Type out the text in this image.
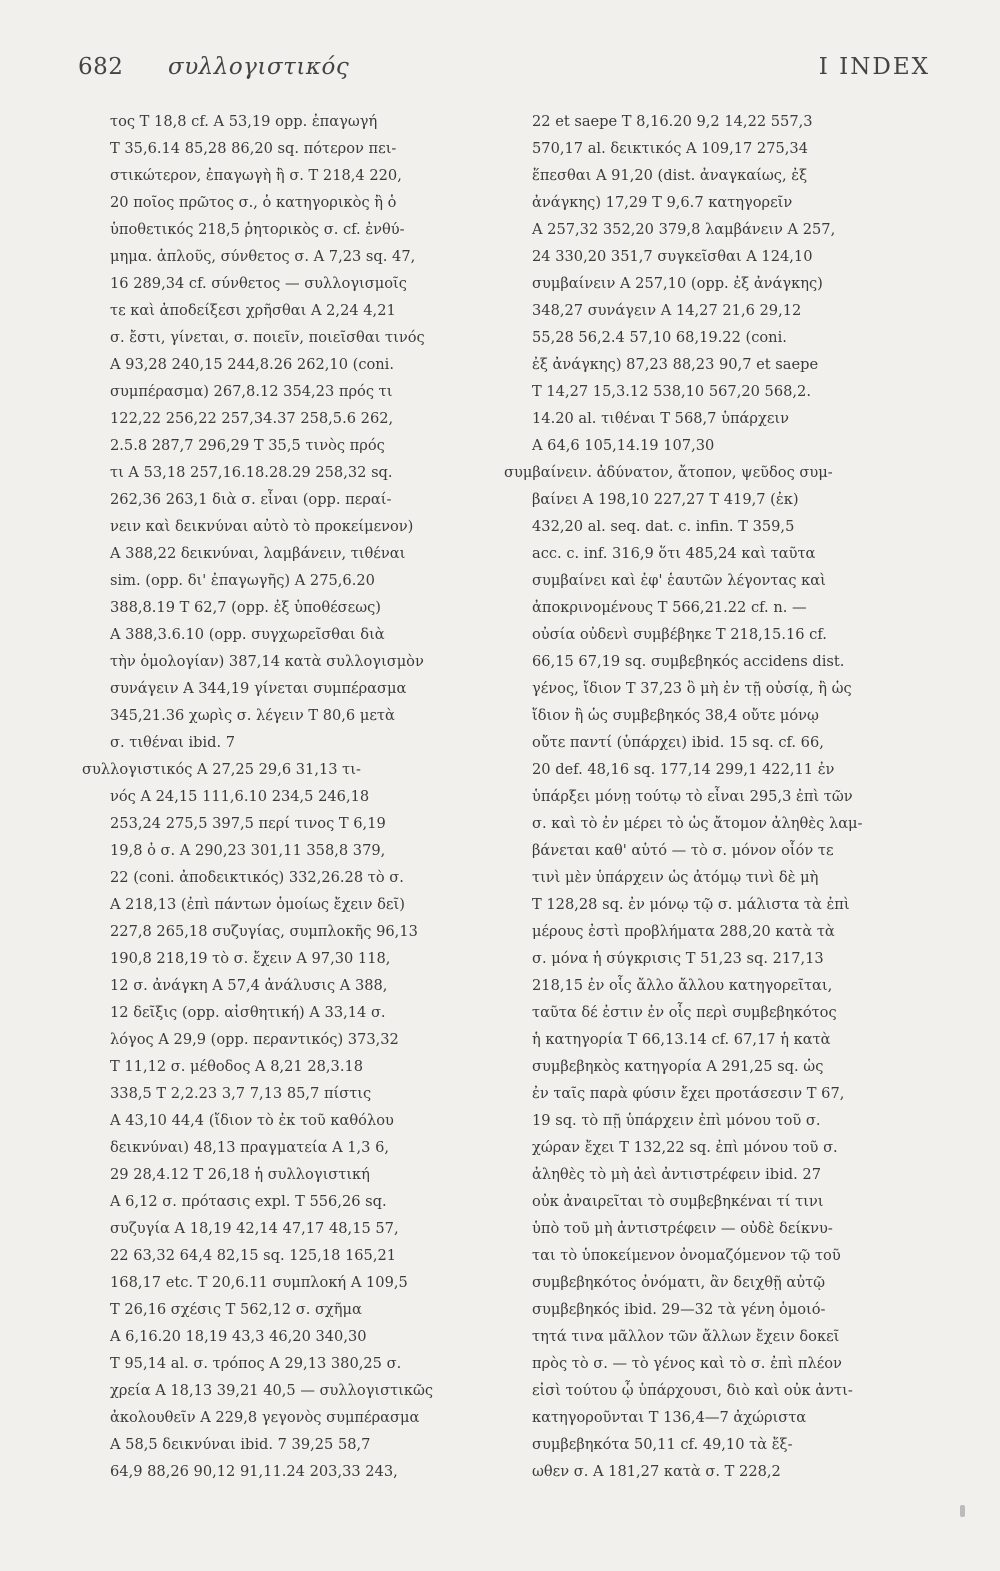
682 συλλογιστικός	I INDEX
τος Τ 18,8 cf. Α 53,19 opp. ἐπαγωγή
Τ 35,6.14 85,28 86,20 sq. πότερον πει-
στικώτερον, ἐπαγωγὴ ἢ σ. Τ 218,4 220,
20 ποῖος πρῶτος σ., ὁ κατηγορικὸς ἢ ὁ
ὑποθετικός 218,5 ῥητορικὸς σ. cf. ἐνθύ-
μημα. ἁπλοῦς, σύνθετος σ. Α 7,23 sq. 47,
16 289,34 cf. σύνθετος — συλλογισμοῖς
τε καὶ ἀποδείξεσι χρῆσθαι Α 2,24 4,21
σ. ἔστι, γίνεται, σ. ποιεῖν, ποιεῖσθαι τινός
Α 93,28 240,15 244,8.26 262,10 (coni.
συμπέρασμα) 267,8.12 354,23 πρός τι
122,22 256,22 257,34.37 258,5.6 262,
2.5.8 287,7 296,29 Τ 35,5 τινὸς πρός
τι Α 53,18 257,16.18.28.29 258,32 sq.
262,36 263,1 διὰ σ. εἶναι (opp. περαί-
νειν καὶ δεικνύναι αὐτὸ τὸ προκείμενον)
Α 388,22 δεικνύναι, λαμβάνειν, τιθέναι
sim. (opp. δι' ἐπαγωγῆς) Α 275,6.20
388,8.19 Τ 62,7 (opp. ἐξ ὑποθέσεως)
Α 388,3.6.10 (opp. συγχωρεῖσθαι διὰ
τὴν ὁμολογίαν) 387,14 κατὰ συλλογισμὸν
συνάγειν Α 344,19 γίνεται συμπέρασμα
345,21.36 χωρὶς σ. λέγειν Τ 80,6 μετὰ
σ. τιθέναι ibid. 7
συλλογιστικός Α 27,25 29,6 31,13 τι-
νός Α 24,15 111,6.10 234,5 246,18
253,24 275,5 397,5 περί τινος Τ 6,19
19,8 ὁ σ. Α 290,23 301,11 358,8 379,
22 (coni. ἀποδεικτικός) 332,26.28 τὸ σ.
Α 218,13 (ἐπὶ πάντων ὁμοίως ἔχειν δεῖ)
227,8 265,18 συζυγίας, συμπλοκῆς 96,13
190,8 218,19 τὸ σ. ἔχειν Α 97,30 118,
12 σ. ἀνάγκη Α 57,4 ἀνάλυσις Α 388,
12 δεῖξις (opp. αἰσθητική) Α 33,14 σ.
λόγος Α 29,9 (opp. περαντικός) 373,32
Τ 11,12 σ. μέθοδος Α 8,21 28,3.18
338,5 Τ 2,2.23 3,7 7,13 85,7 πίστις
Α 43,10 44,4 (ἴδιον τὸ ἐκ τοῦ καθόλου
δεικνύναι) 48,13 πραγματεία Α 1,3 6,
29 28,4.12 Τ 26,18 ἡ συλλογιστική
Α 6,12 σ. πρότασις expl. Τ 556,26 sq.
συζυγία Α 18,19 42,14 47,17 48,15 57,
22 63,32 64,4 82,15 sq. 125,18 165,21
168,17 etc. Τ 20,6.11 συμπλοκή Α 109,5
Τ 26,16 σχέσις Τ 562,12 σ. σχῆμα
Α 6,16.20 18,19 43,3 46,20 340,30
Τ 95,14 al. σ. τρόπος Α 29,13 380,25 σ.
χρεία Α 18,13 39,21 40,5 — συλλογιστικῶς
ἀκολουθεῖν Α 229,8 γεγονὸς συμπέρασμα
Α 58,5 δεικνύναι ibid. 7 39,25 58,7
64,9 88,26 90,12 91,11.24 203,33 243,
22 et saepe Τ 8,16.20 9,2 14,22 557,3
570,17 al. δεικτικός Α 109,17 275,34
ἕπεσθαι Α 91,20 (dist. ἀναγκαίως, ἐξ
ἀνάγκης) 17,29 Τ 9,6.7 κατηγορεῖν
Α 257,32 352,20 379,8 λαμβάνειν Α 257,
24 330,20 351,7 συγκεῖσθαι Α 124,10
συμβαίνειν Α 257,10 (opp. ἐξ ἀνάγκης)
348,27 συνάγειν Α 14,27 21,6 29,12
55,28 56,2.4 57,10 68,19.22 (coni.
ἐξ ἀνάγκης) 87,23 88,23 90,7 et saepe
Τ 14,27 15,3.12 538,10 567,20 568,2.
14.20 al. τιθέναι Τ 568,7 ὑπάρχειν
Α 64,6 105,14.19 107,30
συμβαίνειν. ἀδύνατον, ἄτοπον, ψεῦδος συμ-
βαίνει Α 198,10 227,27 Τ 419,7 (ἐκ)
432,20 al. seq. dat. c. infin. Τ 359,5
acc. c. inf. 316,9 ὅτι 485,24 καὶ ταῦτα
συμβαίνει καὶ ἐφ' ἑαυτῶν λέγοντας καὶ
ἀποκρινομένους Τ 566,21.22 cf. n. —
οὐσία οὐδενὶ συμβέβηκε Τ 218,15.16 cf.
66,15 67,19 sq. συμβεβηκός accidens dist.
γένος, ἴδιον Τ 37,23 ὃ μὴ ἐν τῇ οὐσίᾳ, ἢ ὡς
ἴδιον ἢ ὡς συμβεβηκός 38,4 οὔτε μόνῳ
οὔτε παντί (ὑπάρχει) ibid. 15 sq. cf. 66,
20 def. 48,16 sq. 177,14 299,1 422,11 ἐν
ὑπάρξει μόνῃ τούτῳ τὸ εἶναι 295,3 ἐπὶ τῶν
σ. καὶ τὸ ἐν μέρει τὸ ὡς ἄτομον ἀληθὲς λαμ-
βάνεται καθ' αὑτό — τὸ σ. μόνον οἷόν τε
τινὶ μὲν ὑπάρχειν ὡς ἀτόμῳ τινὶ δὲ μὴ
Τ 128,28 sq. ἐν μόνῳ τῷ σ. μάλιστα τὰ ἐπὶ
μέρους ἐστὶ προβλήματα 288,20 κατὰ τὰ
σ. μόνα ἡ σύγκρισις Τ 51,23 sq. 217,13
218,15 ἐν οἷς ἄλλο ἄλλου κατηγορεῖται,
ταῦτα δέ ἐστιν ἐν οἷς περὶ συμβεβηκότος
ἡ κατηγορία Τ 66,13.14 cf. 67,17 ἡ κατὰ
συμβεβηκὸς κατηγορία Α 291,25 sq. ὡς
ἐν ταῖς παρὰ φύσιν ἔχει προτάσεσιν Τ 67,
19 sq. τὸ πῇ ὑπάρχειν ἐπὶ μόνου τοῦ σ.
χώραν ἔχει Τ 132,22 sq. ἐπὶ μόνου τοῦ σ.
ἀληθὲς τὸ μὴ ἀεὶ ἀντιστρέφειν ibid. 27
οὐκ ἀναιρεῖται τὸ συμβεβηκέναι τί τινι
ὑπὸ τοῦ μὴ ἀντιστρέφειν — οὐδὲ δείκνυ-
ται τὸ ὑποκείμενον ὀνομαζόμενον τῷ τοῦ
συμβεβηκότος ὀνόματι, ἂν δειχθῇ αὐτῷ
συμβεβηκός ibid. 29—32 τὰ γένη ὁμοιό-
τητά τινα μᾶλλον τῶν ἄλλων ἔχειν δοκεῖ
πρὸς τὸ σ. — τὸ γένος καὶ τὸ σ. ἐπὶ πλέον
εἰσὶ τούτου ᾧ ὑπάρχουσι, διὸ καὶ οὐκ ἀντι-
κατηγοροῦνται Τ 136,4—7 ἀχώριστα
συμβεβηκότα 50,11 cf. 49,10 τὰ ἔξ-
ωθεν σ. Α 181,27 κατὰ σ. Τ 228,2
